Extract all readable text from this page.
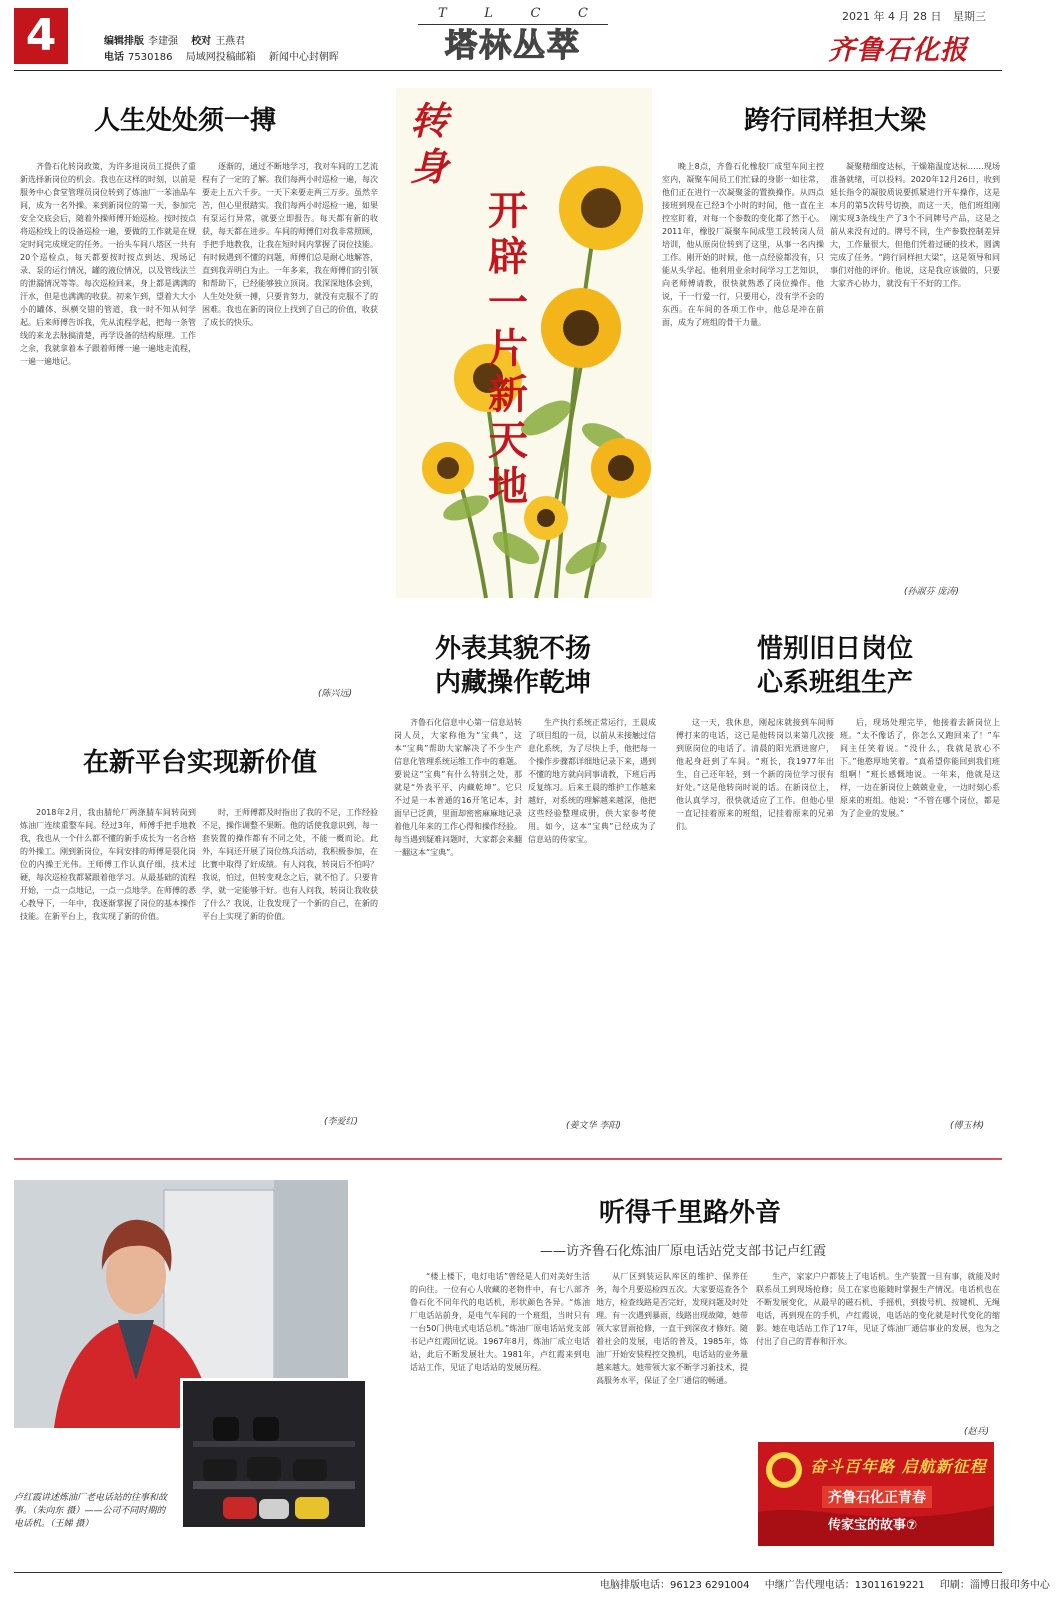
4	编辑排版 李建强 校对 王燕君
电话 7530186 局域网投稿邮箱 新闻中心封朝晖
T	L	C	C
塔林丛萃
2021 年 4 月 28 日 星期三
齐鲁石化报
人生处处须一搏

齐鲁石化转岗政策，为许多退岗员工提供了重新选择新岗位的机会。我也在这样的时刻，以前是服务中心食堂管理员岗位转到了炼油厂一苯油品车间，成为一名外操。来到新岗位的第一天，参加完安全交底会后，随着外操师傅开始巡检。按时按点将巡检线上的设备巡检一遍，要做的工作就是在规定时间完成规定的任务。一抬头车间八塔区一共有20个巡检点，每天都要按时按点到达、现场记录、泵的运行情况，罐的液位情况，以及管线法兰的泄漏情况等等。每次巡检回来，身上都是满满的汗水，但是也满满的收获。初来乍到，望着大大小小的罐体、纵横交错的管道，我一时不知从何学起。后来师傅告诉我，先从流程学起，把每一条管线的来龙去脉搞清楚，再学设备的结构原理。工作之余，我就拿着本子跟着师傅一遍一遍地走流程，一遍一遍地记。

逐渐的，通过不断地学习，我对车间的工艺流程有了一定的了解。我们每两小时巡检一遍，每次要走上五六千步。一天下来要走两三万步。虽然辛苦，但心里很踏实。我们每两小时巡检一遍，如果有泵运行异常，就要立即报告。每天都有新的收获，每天都在进步。车间的师傅们对我非常照顾，手把手地教我，让我在短时间内掌握了岗位技能。有时候遇到不懂的问题，师傅们总是耐心地解答，直到我弄明白为止。一年多来，我在师傅们的引领和帮助下，已经能够独立顶岗。我深深地体会到，人生处处须一搏，只要肯努力，就没有克服不了的困难。我也在新的岗位上找到了自己的价值，收获了成长的快乐。

(陈兴远)
转身
开辟一片新天地
跨行同样担大梁

晚上8点，齐鲁石化橡胶厂成型车间主控室内，凝聚车间员工们忙碌的身影一如往常，他们正在进行一次凝聚釜的置换操作。从四点接班到现在已经3个小时的时间，他一直在主控室盯着，对每一个参数的变化都了然于心。2011年，橡胶厂凝聚车间成型工段转岗人员培训，他从原岗位转到了这里，从事一名内操工作。刚开始的时候，他一点经验都没有，只能从头学起。他利用业余时间学习工艺知识，向老师傅请教，很快就熟悉了岗位操作。他说，干一行爱一行，只要用心，没有学不会的东西。在车间的各项工作中，他总是冲在前面，成为了班组的骨干力量。

凝聚精细度达标，干燥箱温度达标……现场准备就绪，可以投料。2020年12月26日，收到延长指令的凝胶质说要抓紧进行开车操作，这是本月的第5次转号切换，而这一天，他们班组刚刚实现3条线生产了3个不同牌号产品，这是之前从来没有过的。牌号不同，生产参数控制差异大，工作量很大，但他们凭着过硬的技术，圆满完成了任务。“跨行同样担大梁”，这是领导和同事们对他的评价。他说，这是我应该做的，只要大家齐心协力，就没有干不好的工作。

(孙淑芬 庞涛)
在新平台实现新价值

2018年2月，我由腈纶厂两涤腈车间转岗到炼油厂连续重整车间。经过3年，师傅手把手地教我，我也从一个什么都不懂的新手成长为一名合格的外操工。刚到新岗位，车间安排的师傅是裂化岗位的内操王光伟。王师傅工作认真仔细，技术过硬，每次巡检我都紧跟着他学习。从最基础的流程开始，一点一点地记，一点一点地学。在师傅的悉心教导下，一年中，我逐渐掌握了岗位的基本操作技能。在新平台上，我实现了新的价值。

时，王师傅都及时指出了我的不足，工作经验不足，操作调整不果断。他的话使我意识到，每一套装置的操作都有不同之处，不能一概而论。此外，车间还开展了岗位练兵活动，我积极参加，在比赛中取得了好成绩。有人问我，转岗后不怕吗？我说，怕过，但转变观念之后，就不怕了。只要肯学，就一定能够干好。也有人问我，转岗让我收获了什么？我说，让我发现了一个新的自己，在新的平台上实现了新的价值。

(李爱红)
外表其貌不扬
内藏操作乾坤

齐鲁石化信息中心第一信息站转岗人员，大家称他为“宝典”，这本“宝典”帮助大家解决了不少生产信息化管理系统运维工作中的难题。要说这“宝典”有什么特别之处，那就是“外表平平、内藏乾坤”。它只不过是一本普通的16开笔记本，封面早已泛黄，里面却密密麻麻地记录着他几年来的工作心得和操作经验。每当遇到疑难问题时，大家都会来翻一翻这本“宝典”。

生产执行系统正常运行，王晨成了项目组的一员，以前从未接触过信息化系统，为了尽快上手，他把每一个操作步骤都详细地记录下来，遇到不懂的地方就向同事请教，下班后再反复练习。后来王晨的维护工作越来越好，对系统的理解越来越深，他把这些经验整理成册，供大家参考使用。如今，这本“宝典”已经成为了信息站的传家宝。

(姜文华 李阳)
惜别旧日岗位
心系班组生产

这一天，我休息，刚起床就接到车间师傅打来的电话，这已是他转岗以来第几次接到原岗位的电话了。清晨的阳光洒进窗户，他起身赶到了车间。“班长，我1977年出生，自己还年轻，到一个新的岗位学习很有好处。”这是他转岗时说的话。在新岗位上，他认真学习，很快就适应了工作。但他心里一直记挂着原来的班组，记挂着原来的兄弟们。

后，现场处理完毕，他接着去新岗位上班。“太不像话了，你怎么又跑回来了！”车间主任笑着说。“没什么，我就是放心不下。”他憨厚地笑着。“真希望你能回到我们班组啊！”班长感慨地说。一年来，他就是这样，一边在新岗位上兢兢业业，一边时刻心系原来的班组。他说：“不管在哪个岗位，都是为了企业的发展。”

(傅玉林)
卢红霞讲述炼油厂老电话站的往事和故事。（朱向东 摄）——公司不同时期的电话机。（王娣 摄）
听得千里路外音
——访齐鲁石化炼油厂原电话站党支部书记卢红霞

“楼上楼下，电灯电话”曾经是人们对美好生活的向往。一位有心人收藏的老物件中，有七八部齐鲁石化不同年代的电话机，形状颜色各异。“炼油厂电话站前身，是电气车间的一个班组，当时只有一台50门供电式电话总机。”炼油厂原电话站党支部书记卢红霞回忆说。1967年8月，炼油厂成立电话站，此后不断发展壮大。1981年，卢红霞来到电话站工作，见证了电话站的发展历程。

从厂区到装运队库区的维护、保养任务，每个月要巡检四五次。大家要巡查各个地方，检查线路是否完好，发现问题及时处理。有一次遇到暴雨，线路出现故障，她带领大家冒雨抢修，一直干到深夜才修好。随着社会的发展，电话的普及，1985年，炼油厂开始安装程控交换机，电话站的业务量越来越大。她带领大家不断学习新技术，提高服务水平，保证了全厂通信的畅通。

生产，家家户户都装上了电话机。生产装置一旦有事，就能及时联系员工到现场抢修；员工在家也能随时掌握生产情况。电话机也在不断发展变化，从最早的磁石机、手摇机，到拨号机、按键机、无绳电话，再到现在的手机，卢红霞说，电话站的变化就是时代变化的缩影。她在电话站工作了17年，见证了炼油厂通信事业的发展，也为之付出了自己的青春和汗水。

(赵兵)
奋斗百年路 启航新征程
齐鲁石化正青春
传家宝的故事⑦
电脑排版电话：96123 6291004 中继广告代理电话：13011619221 印刷：淄博日报印务中心
